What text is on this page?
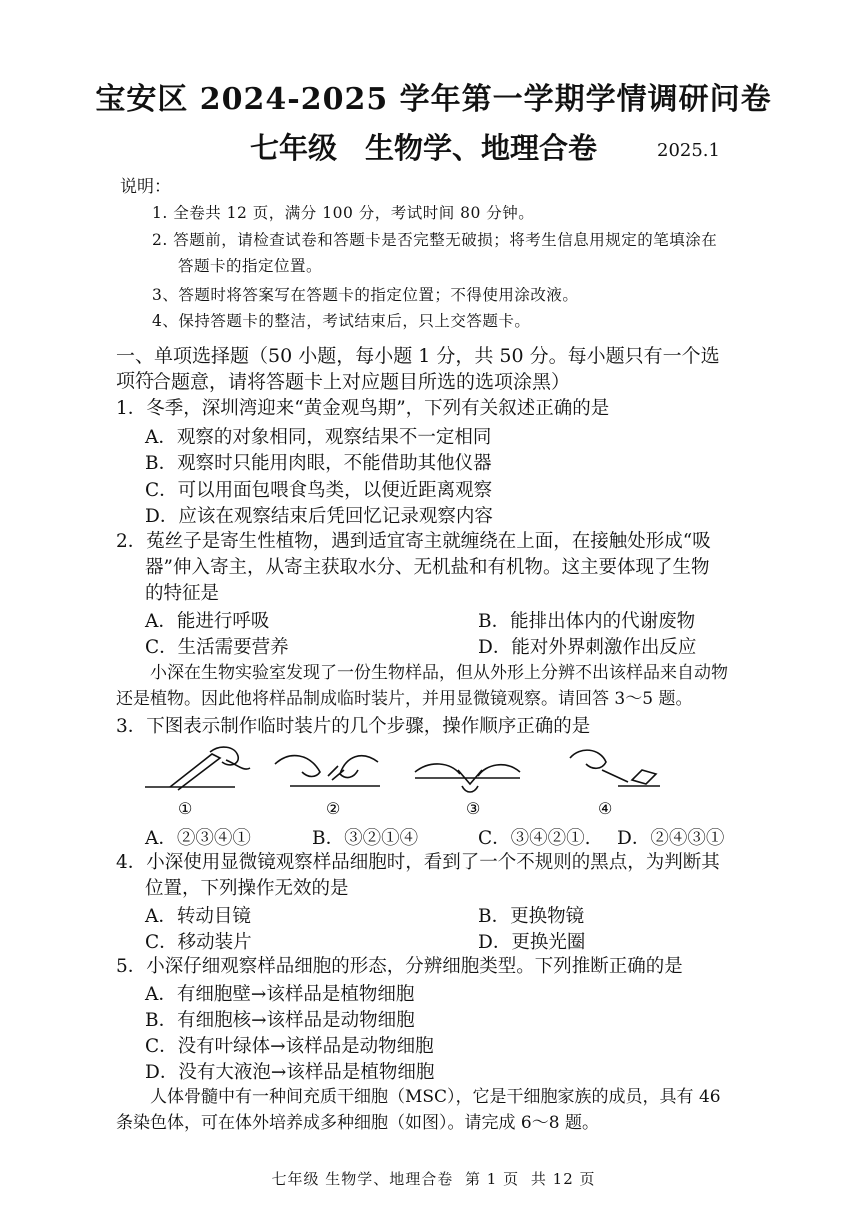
宝安区 2024-2025 学年第一学期学情调研问卷
七年级 生物学、地理合卷	2025.1
说明：
1. 全卷共 12 页，满分 100 分，考试时间 80 分钟。
2. 答题前，请检查试卷和答题卡是否完整无破损；将考生信息用规定的笔填涂在
答题卡的指定位置。
3、答题时将答案写在答题卡的指定位置；不得使用涂改液。
4、保持答题卡的整洁，考试结束后，只上交答题卡。
一、单项选择题（50 小题，每小题 1 分，共 50 分。每小题只有一个选项符
合题意，请将答题卡上对应题目所选的选项涂黑）
1．冬季，深圳湾迎来“黄金观鸟期”，下列有关叙述正确的是
A．观察的对象相同，观察结果不一定相同
B．观察时只能用肉眼，不能借助其他仪器
C．可以用面包喂食鸟类，以便近距离观察
D．应该在观察结束后凭回忆记录观察内容
2．菟丝子是寄生性植物，遇到适宜寄主就缠绕在上面，在接触处形成“吸
器”伸入寄主，从寄主获取水分、无机盐和有机物。这主要体现了生物
的特征是
A．能进行呼吸	B．能排出体内的代谢废物
C．生活需要营养	D．能对外界刺激作出反应
小深在生物实验室发现了一份生物样品，但从外形上分辨不出该样品来自动物还是植物。因此他将样品制成临时装片，并用显微镜观察。请回答 3～5 题。
3．下图表示制作临时装片的几个步骤，操作顺序正确的是
①	②	③	④
A．②③④①	B．③②①④	C．③④②①. D．②④③①
4．小深使用显微镜观察样品细胞时，看到了一个不规则的黑点，为判断其
位置，下列操作无效的是
A．转动目镜	B．更换物镜
C．移动装片	D．更换光圈
5．小深仔细观察样品细胞的形态，分辨细胞类型。下列推断正确的是
A．有细胞壁→该样品是植物细胞
B．有细胞核→该样品是动物细胞
C．没有叶绿体→该样品是动物细胞
D．没有大液泡→该样品是植物细胞
人体骨髓中有一种间充质干细胞（MSC），它是干细胞家族的成员，具有 46 条染色体，可在体外培养成多种细胞（如图）。请完成 6～8 题。
七年级 生物学、地理合卷 第 1 页 共 12 页
